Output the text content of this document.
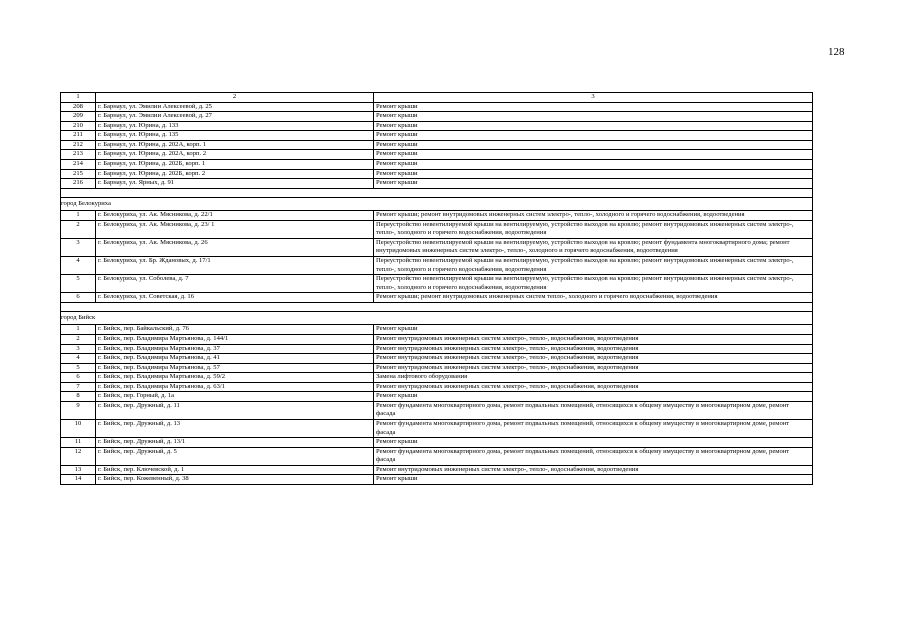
128
1	2	3
208	г. Барнаул, ул. Эмилии Алексеевой, д. 25	Ремонт крыши
209	г. Барнаул, ул. Эмилии Алексеевой, д. 27	Ремонт крыши
210	г. Барнаул, ул. Юрина, д. 133	Ремонт крыши
211	г. Барнаул, ул. Юрина, д. 135	Ремонт крыши
212	г. Барнаул, ул. Юрина, д. 202А, корп. 1	Ремонт крыши
213	г. Барнаул, ул. Юрина, д. 202А, корп. 2	Ремонт крыши
214	г. Барнаул, ул. Юрина, д. 202Б, корп. 1	Ремонт крыши
215	г. Барнаул, ул. Юрина, д. 202Б, корп. 2	Ремонт крыши
216	г. Барнаул, ул. Ярных, д. 91	Ремонт крыши

город Белокуриха		
1	г. Белокуриха, ул. Ак. Мясникова, д. 22/1	Ремонт крыши; ремонт внутридомовых инженерных систем электро-, тепло-, холодного и горячего водоснабжения, водоотведения
2	г. Белокуриха, ул. Ак. Мясникова, д. 23/ 1	Переустройство невентилируемой крыши на вентилируемую, устройство выходов на кровлю; ремонт внутридомовых инженерных систем электро-, тепло-, холодного и горячего водоснабжения, водоотведения
3	г. Белокуриха, ул. Ак. Мясникова, д. 26	Переустройство невентилируемой крыши на вентилируемую, устройство выходов на кровлю; ремонт фундамента многоквартирного дома; ремонт внутридомовых инженерных систем электро-, тепло-, холодного и горячего водоснабжения, водоотведения
4	г. Белокуриха, ул. Бр. Ждановых, д. 17/1	Переустройство невентилируемой крыши на вентилируемую, устройство выходов на кровлю; ремонт внутридомовых инженерных систем электро-, тепло-, холодного и горячего водоснабжения, водоотведения
5	г. Белокуриха, ул. Соболева, д. 7	Переустройство невентилируемой крыши на вентилируемую, устройство выходов на кровлю; ремонт внутридомовых инженерных систем электро-, тепло-, холодного и горячего водоснабжения, водоотведения
6	г. Белокуриха, ул. Советская, д. 16	Ремонт крыши; ремонт внутридомовых инженерных систем тепло-, холодного и горячего водоснабжения, водоотведения

город Бийск		
1	г. Бийск, пер. Байкальский, д. 76	Ремонт крыши
2	г. Бийск, пер. Владимира Мартьянова, д. 144/1	Ремонт внутридомовых инженерных систем электро-, тепло-, водоснабжения, водоотведения
3	г. Бийск, пер. Владимира Мартьянова, д. 37	Ремонт внутридомовых инженерных систем электро-, тепло-, водоснабжения, водоотведения
4	г. Бийск, пер. Владимира Мартьянова, д. 41	Ремонт внутридомовых инженерных систем электро-, тепло-, водоснабжения, водоотведения
5	г. Бийск, пер. Владимира Мартьянова, д. 57	Ремонт внутридомовых инженерных систем электро-, тепло-, водоснабжения, водоотведения
6	г. Бийск, пер. Владимира Мартьянова, д. 59/2	Замена лифтового оборудования
7	г. Бийск, пер. Владимира Мартьянова, д. 63/1	Ремонт внутридомовых инженерных систем электро-, тепло-, водоснабжения, водоотведения
8	г. Бийск, пер. Горный, д. 1а	Ремонт крыши
9	г. Бийск, пер. Дружный, д. 11	Ремонт фундамента многоквартирного дома, ремонт подвальных помещений, относящихся к общему имуществу в многоквартирном доме, ремонт фасада
10	г. Бийск, пер. Дружный, д. 13	Ремонт фундамента многоквартирного дома, ремонт подвальных помещений, относящихся к общему имуществу в многоквартирном доме, ремонт фасада
11	г. Бийск, пер. Дружный, д. 13/1	Ремонт крыши
12	г. Бийск, пер. Дружный, д. 5	Ремонт фундамента многоквартирного дома, ремонт подвальных помещений, относящихся к общему имуществу в многоквартирном доме, ремонт фасада
13	г. Бийск, пер. Ключевской, д. 1	Ремонт внутридомовых инженерных систем электро-, тепло-, водоснабжения, водоотведения
14	г. Бийск, пер. Кожевенный, д. 38	Ремонт крыши
